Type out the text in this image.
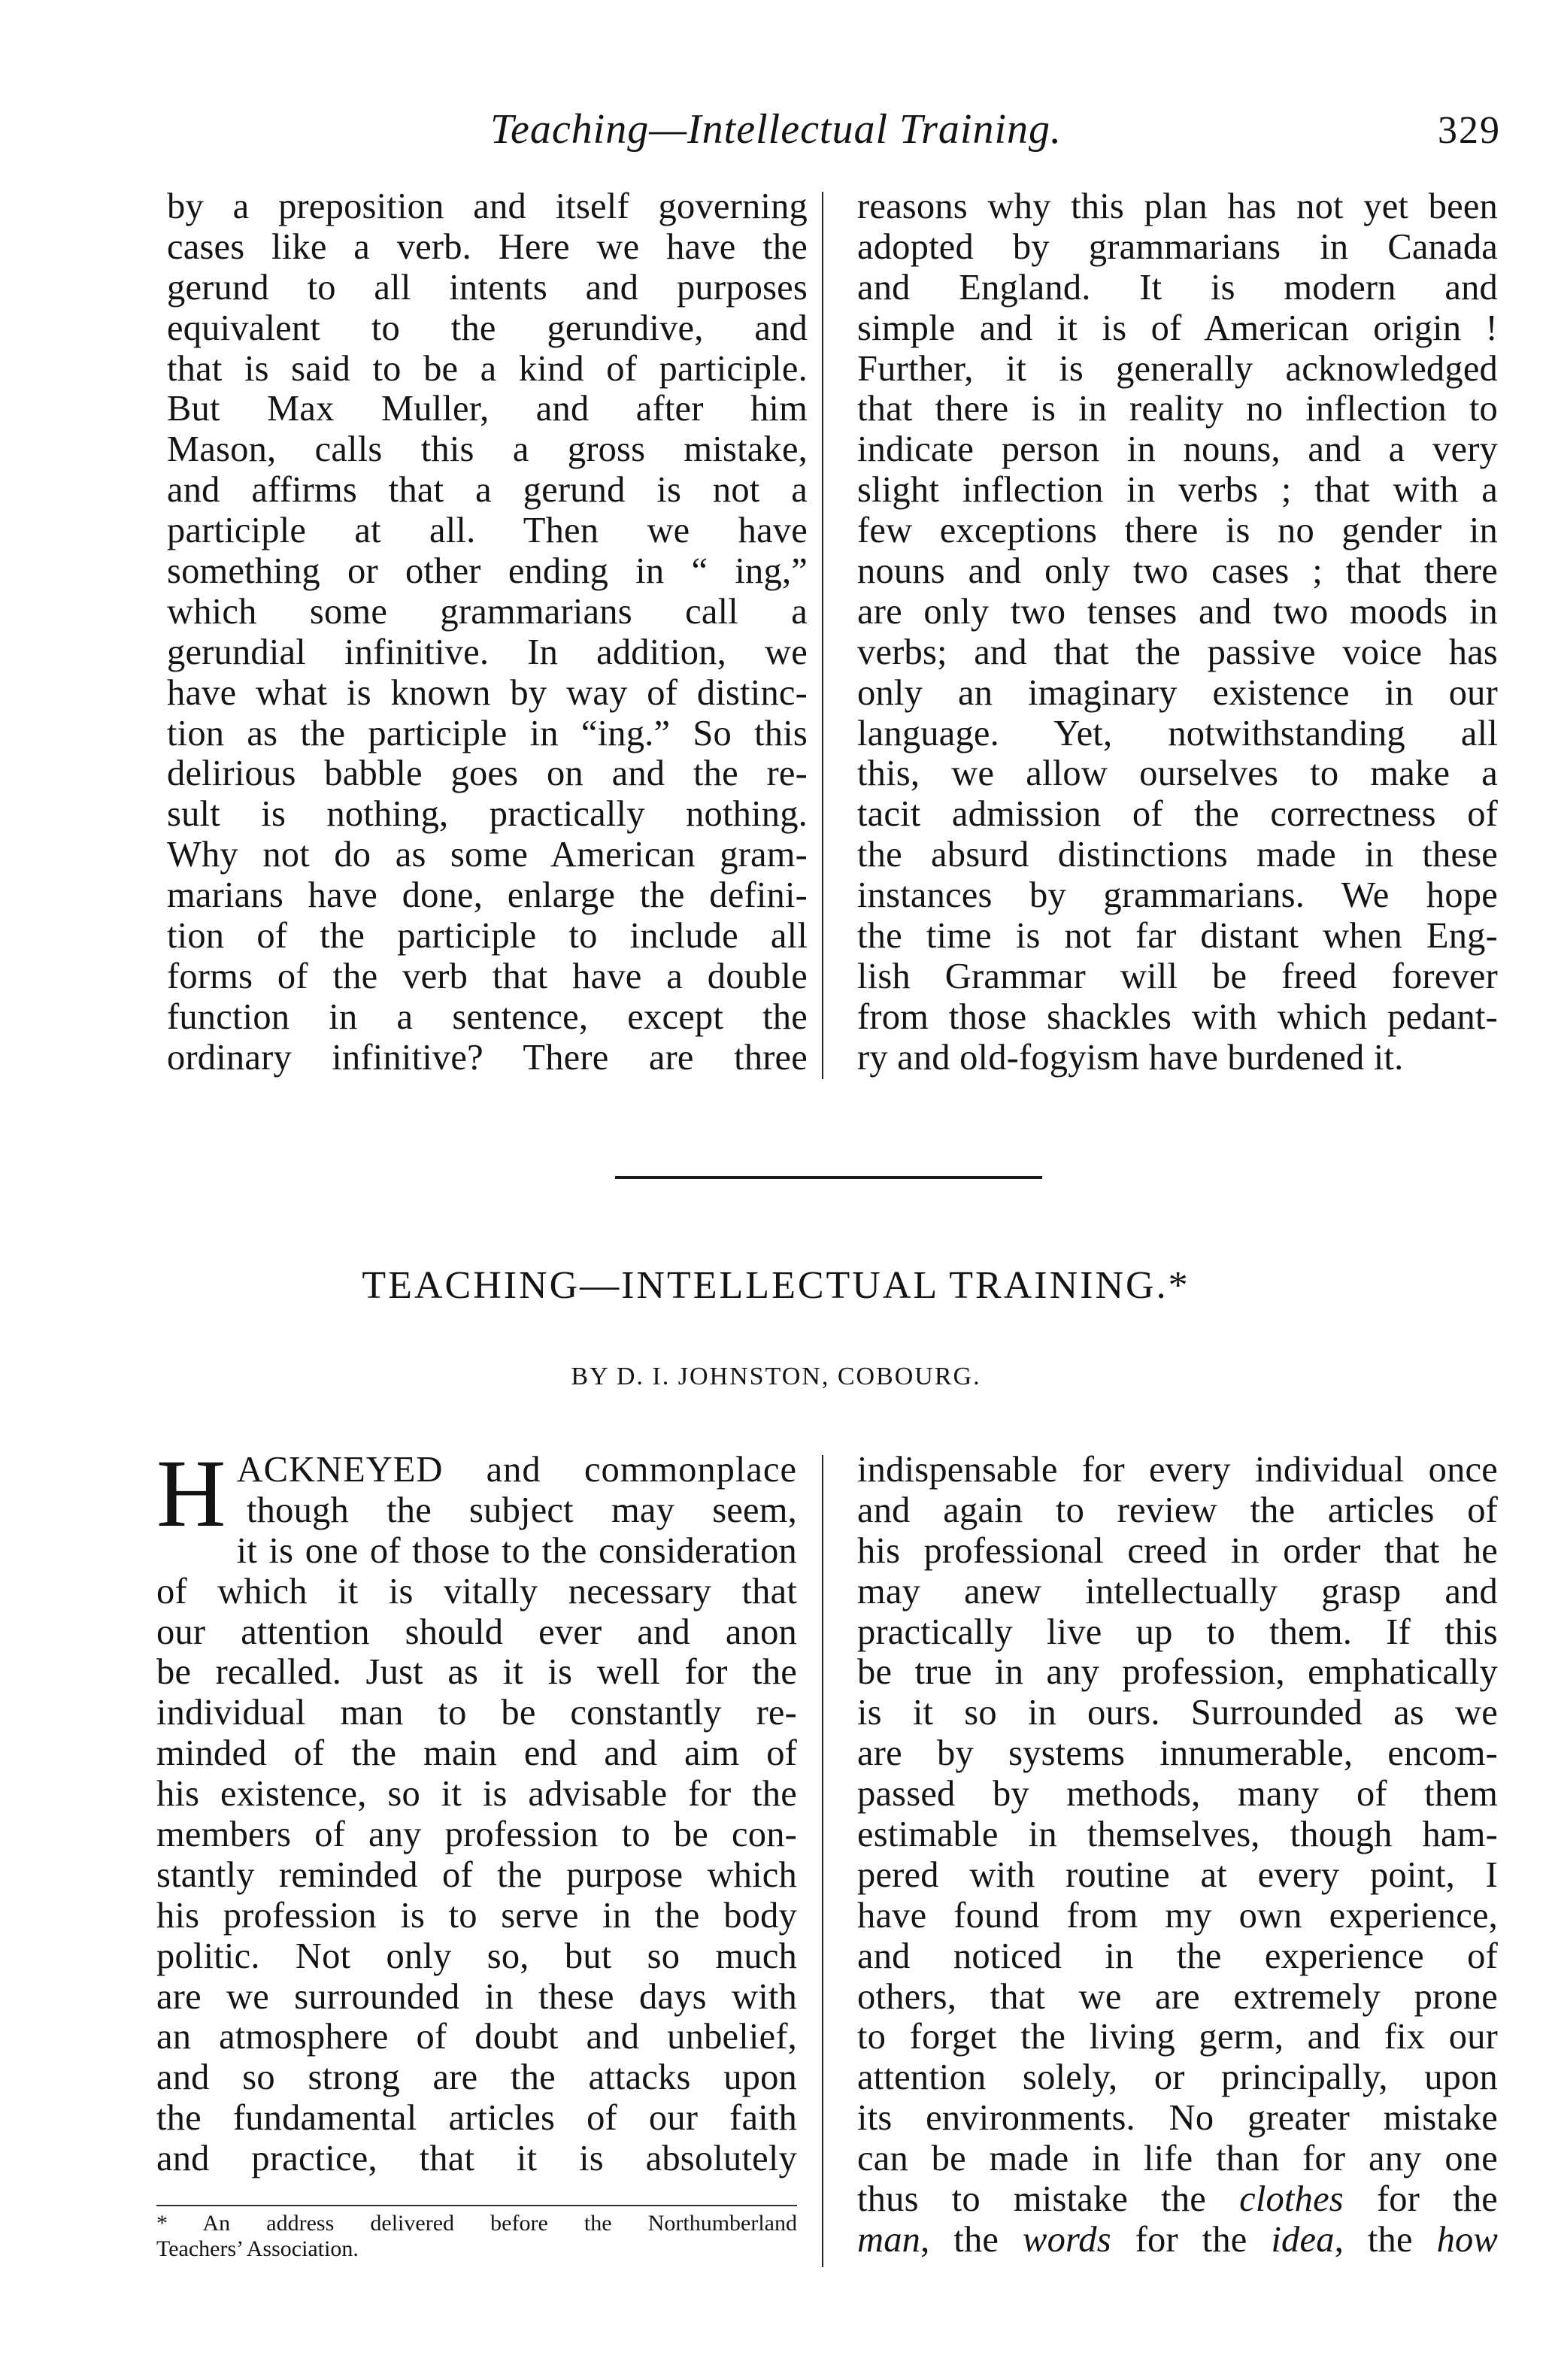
Teaching—Intellectual Training.	329
by a preposition and itself governing
cases like a verb. Here we have the
gerund to all intents and purposes
equivalent to the gerundive, and
that is said to be a kind of participle.
But Max Muller, and after him
Mason, calls this a gross mistake,
and affirms that a gerund is not a
participle at all. Then we have
something or other ending in “ ing,”
which some grammarians call a
gerundial infinitive. In addition, we
have what is known by way of distinc-
tion as the participle in “ing.” So this
delirious babble goes on and the re-
sult is nothing, practically nothing.
Why not do as some American gram-
marians have done, enlarge the defini-
tion of the participle to include all
forms of the verb that have a double
function in a sentence, except the
ordinary infinitive? There are three
reasons why this plan has not yet been
adopted by grammarians in Canada
and England. It is modern and
simple and it is of American origin !
Further, it is generally acknowledged
that there is in reality no inflection to
indicate person in nouns, and a very
slight inflection in verbs ; that with a
few exceptions there is no gender in
nouns and only two cases ; that there
are only two tenses and two moods in
verbs; and that the passive voice has
only an imaginary existence in our
language. Yet, notwithstanding all
this, we allow ourselves to make a
tacit admission of the correctness of
the absurd distinctions made in these
instances by grammarians. We hope
the time is not far distant when Eng-
lish Grammar will be freed forever
from those shackles with which pedant-
ry and old-fogyism have burdened it.
TEACHING—INTELLECTUAL TRAINING.*
BY D. I. JOHNSTON, COBOURG.
H ACKNEYED and commonplace
though the subject may seem,
it is one of those to the consideration
of which it is vitally necessary that
our attention should ever and anon
be recalled. Just as it is well for the
individual man to be constantly re-
minded of the main end and aim of
his existence, so it is advisable for the
members of any profession to be con-
stantly reminded of the purpose which
his profession is to serve in the body
politic. Not only so, but so much
are we surrounded in these days with
an atmosphere of doubt and unbelief,
and so strong are the attacks upon
the fundamental articles of our faith
and practice, that it is absolutely
* An address delivered before the Northumberland
Teachers’ Association.
indispensable for every individual once
and again to review the articles of
his professional creed in order that he
may anew intellectually grasp and
practically live up to them. If this
be true in any profession, emphatically
is it so in ours. Surrounded as we
are by systems innumerable, encom-
passed by methods, many of them
estimable in themselves, though ham-
pered with routine at every point, I
have found from my own experience,
and noticed in the experience of
others, that we are extremely prone
to forget the living germ, and fix our
attention solely, or principally, upon
its environments. No greater mistake
can be made in life than for any one
thus to mistake the clothes for the
man, the words for the idea, the how
